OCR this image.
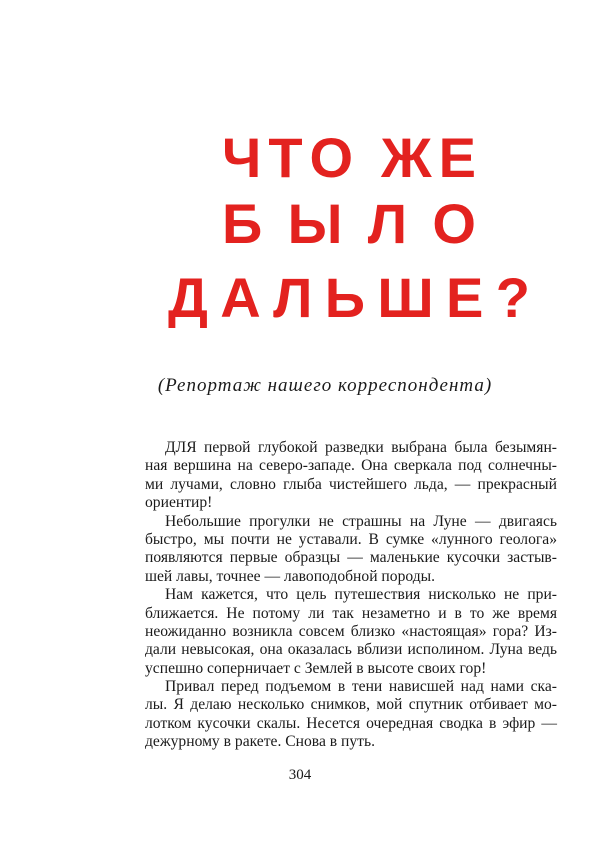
Ч Т О Ж Е
Б Ы Л О
Д А Л Ь Ш Е ?
(Репортаж нашего корреспондента)
ДЛЯ первой глубокой разведки выбрана была безымян-
ная вершина на северо-западе. Она сверкала под солнечны-
ми лучами, словно глыба чистейшего льда, — прекрасный
ориентир!
Небольшие прогулки не страшны на Луне — двигаясь
быстро, мы почти не уставали. В сумке «лунного геолога»
появляются первые образцы — маленькие кусочки застыв-
шей лавы, точнее — лавоподобной породы.
Нам кажется, что цель путешествия нисколько не при-
ближается. Не потому ли так незаметно и в то же время
неожиданно возникла совсем близко «настоящая» гора? Из-
дали невысокая, она оказалась вблизи исполином. Луна ведь
успешно соперничает с Землей в высоте своих гор!
Привал перед подъемом в тени нависшей над нами ска-
лы. Я делаю несколько снимков, мой спутник отбивает мо-
лотком кусочки скалы. Несется очередная сводка в эфир —
дежурному в ракете. Снова в путь.
304
